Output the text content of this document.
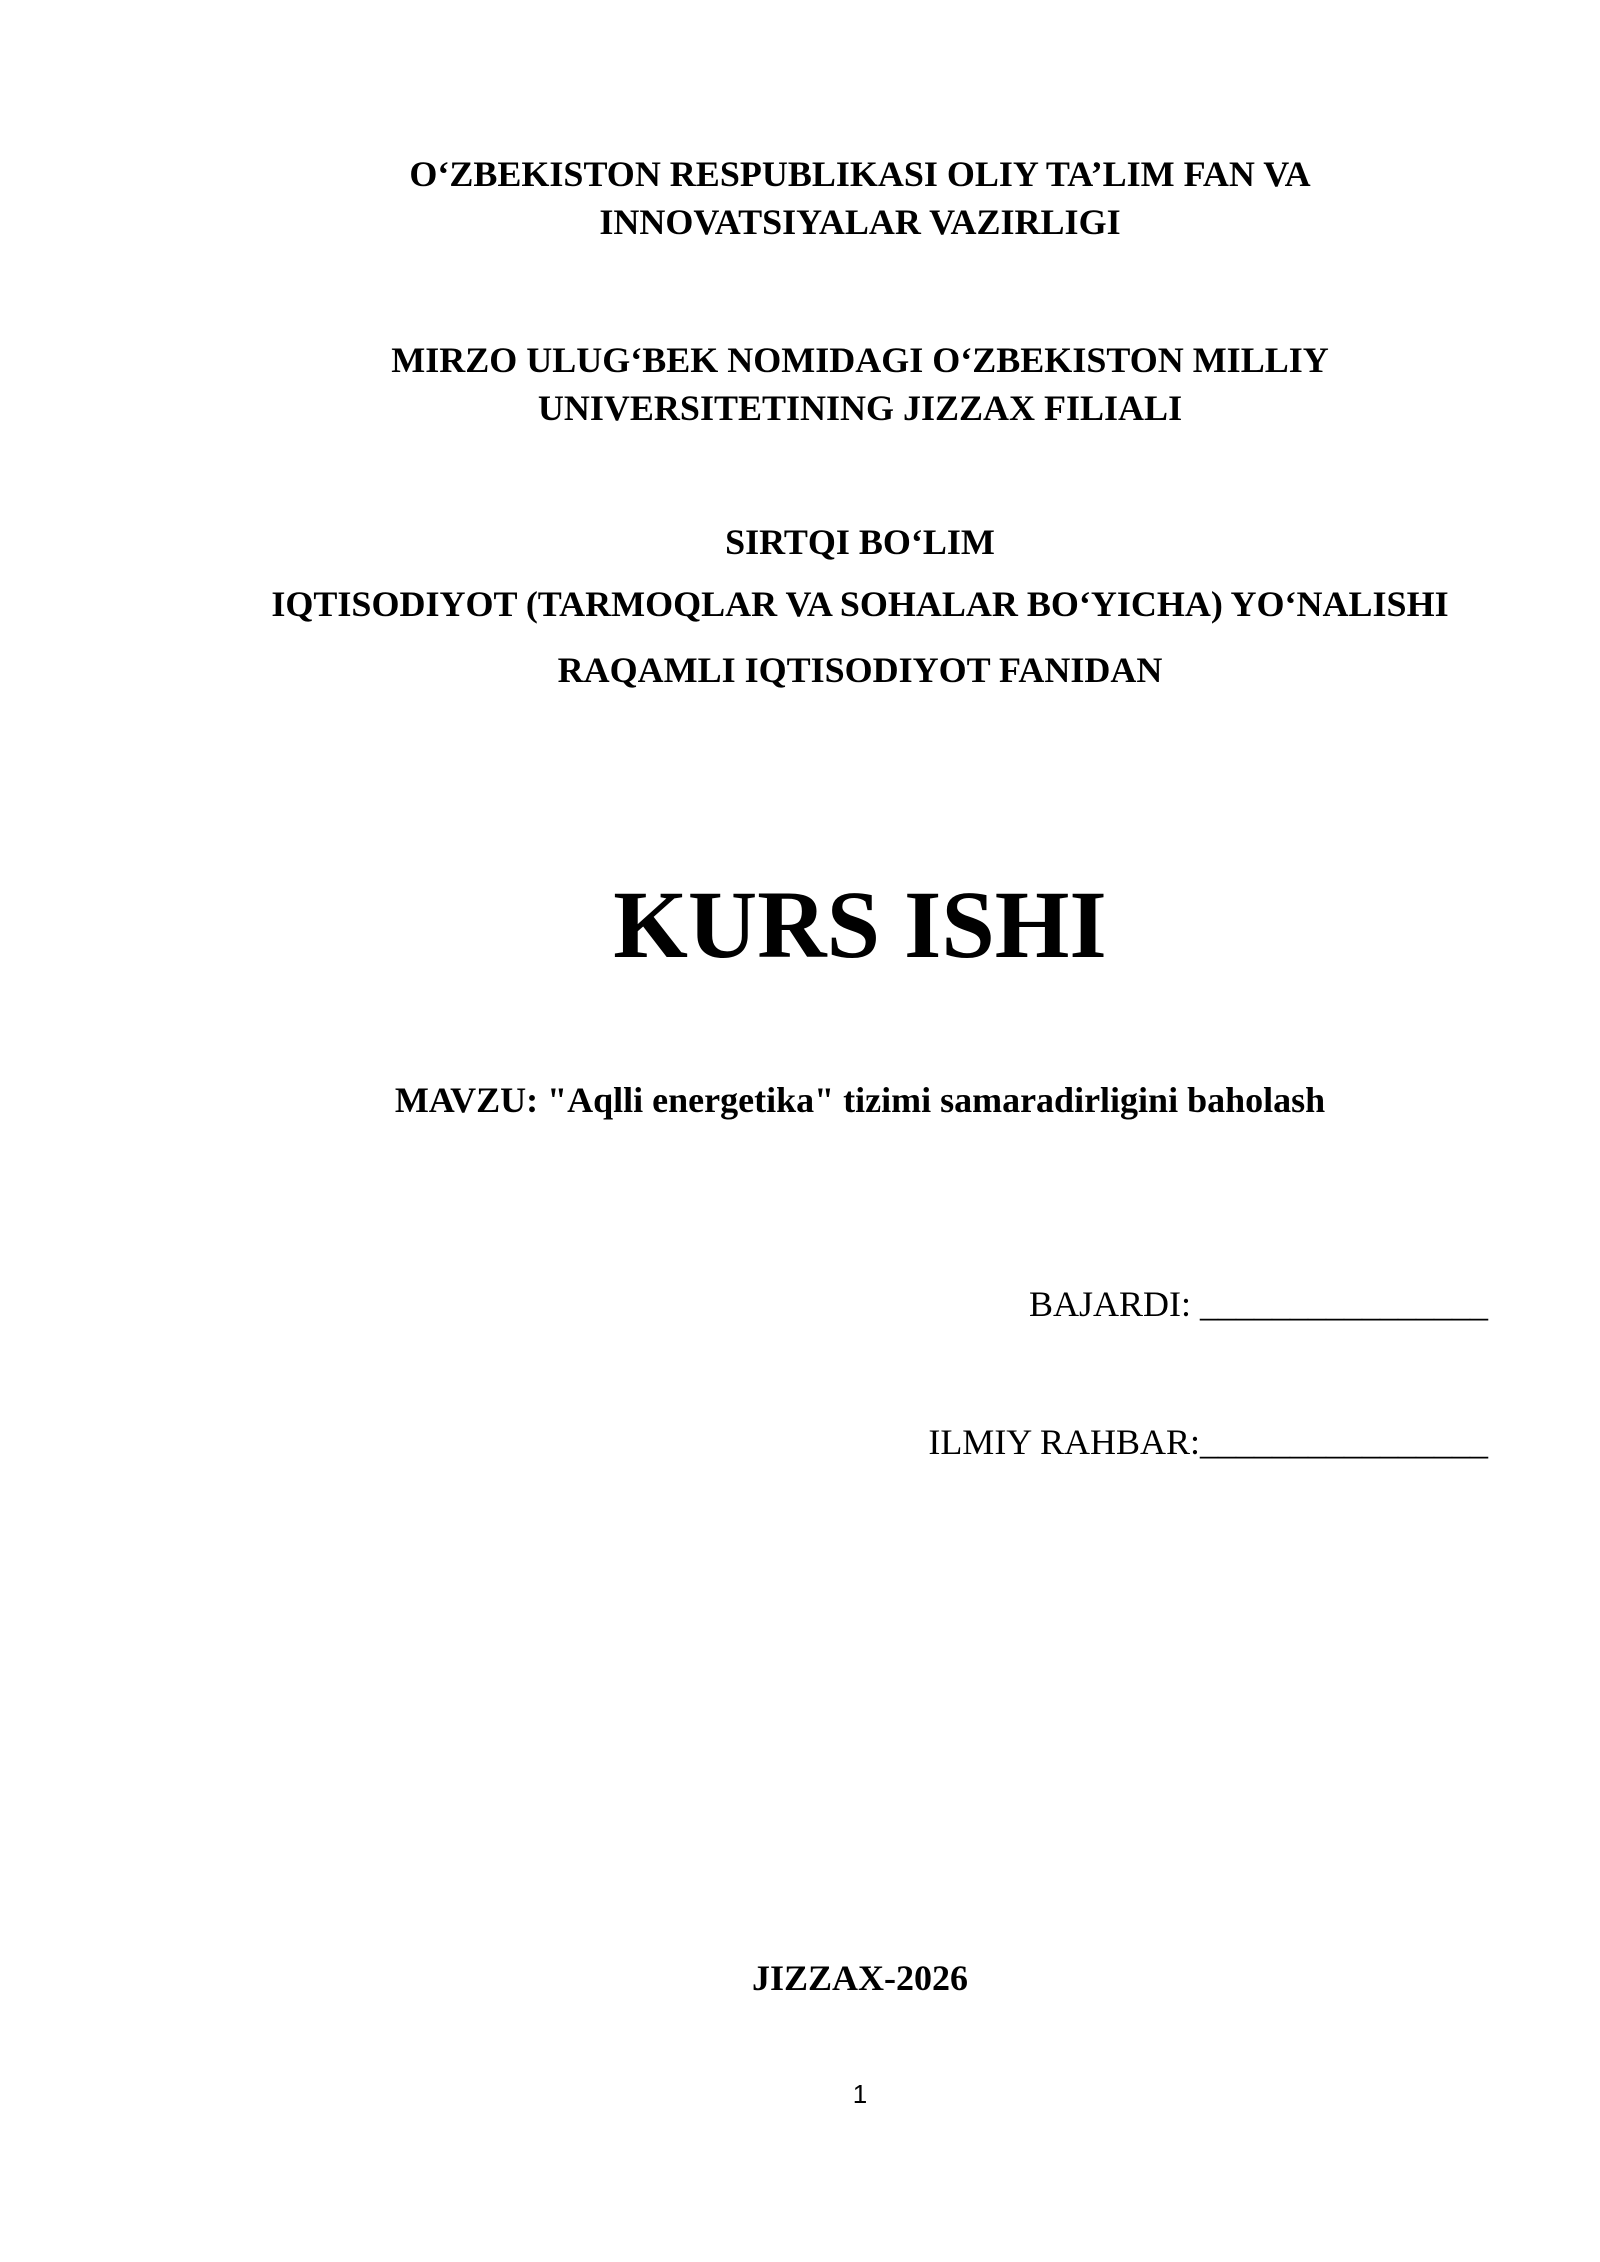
O‘ZBEKISTON RESPUBLIKASI OLIY TA’LIM FAN VA
INNOVATSIYALAR VAZIRLIGI
MIRZO ULUG‘BEK NOMIDAGI O‘ZBEKISTON MILLIY
UNIVERSITETINING JIZZAX FILIALI
SIRTQI BO‘LIM
IQTISODIYOT (TARMOQLAR VA SOHALAR BO‘YICHA) YO‘NALISHI
RAQAMLI IQTISODIYOT FANIDAN
KURS ISHI
MAVZU: "Aqlli energetika" tizimi samaradirligini baholash
BAJARDI: ________________
ILMIY RAHBAR:________________
JIZZAX-2026
1
